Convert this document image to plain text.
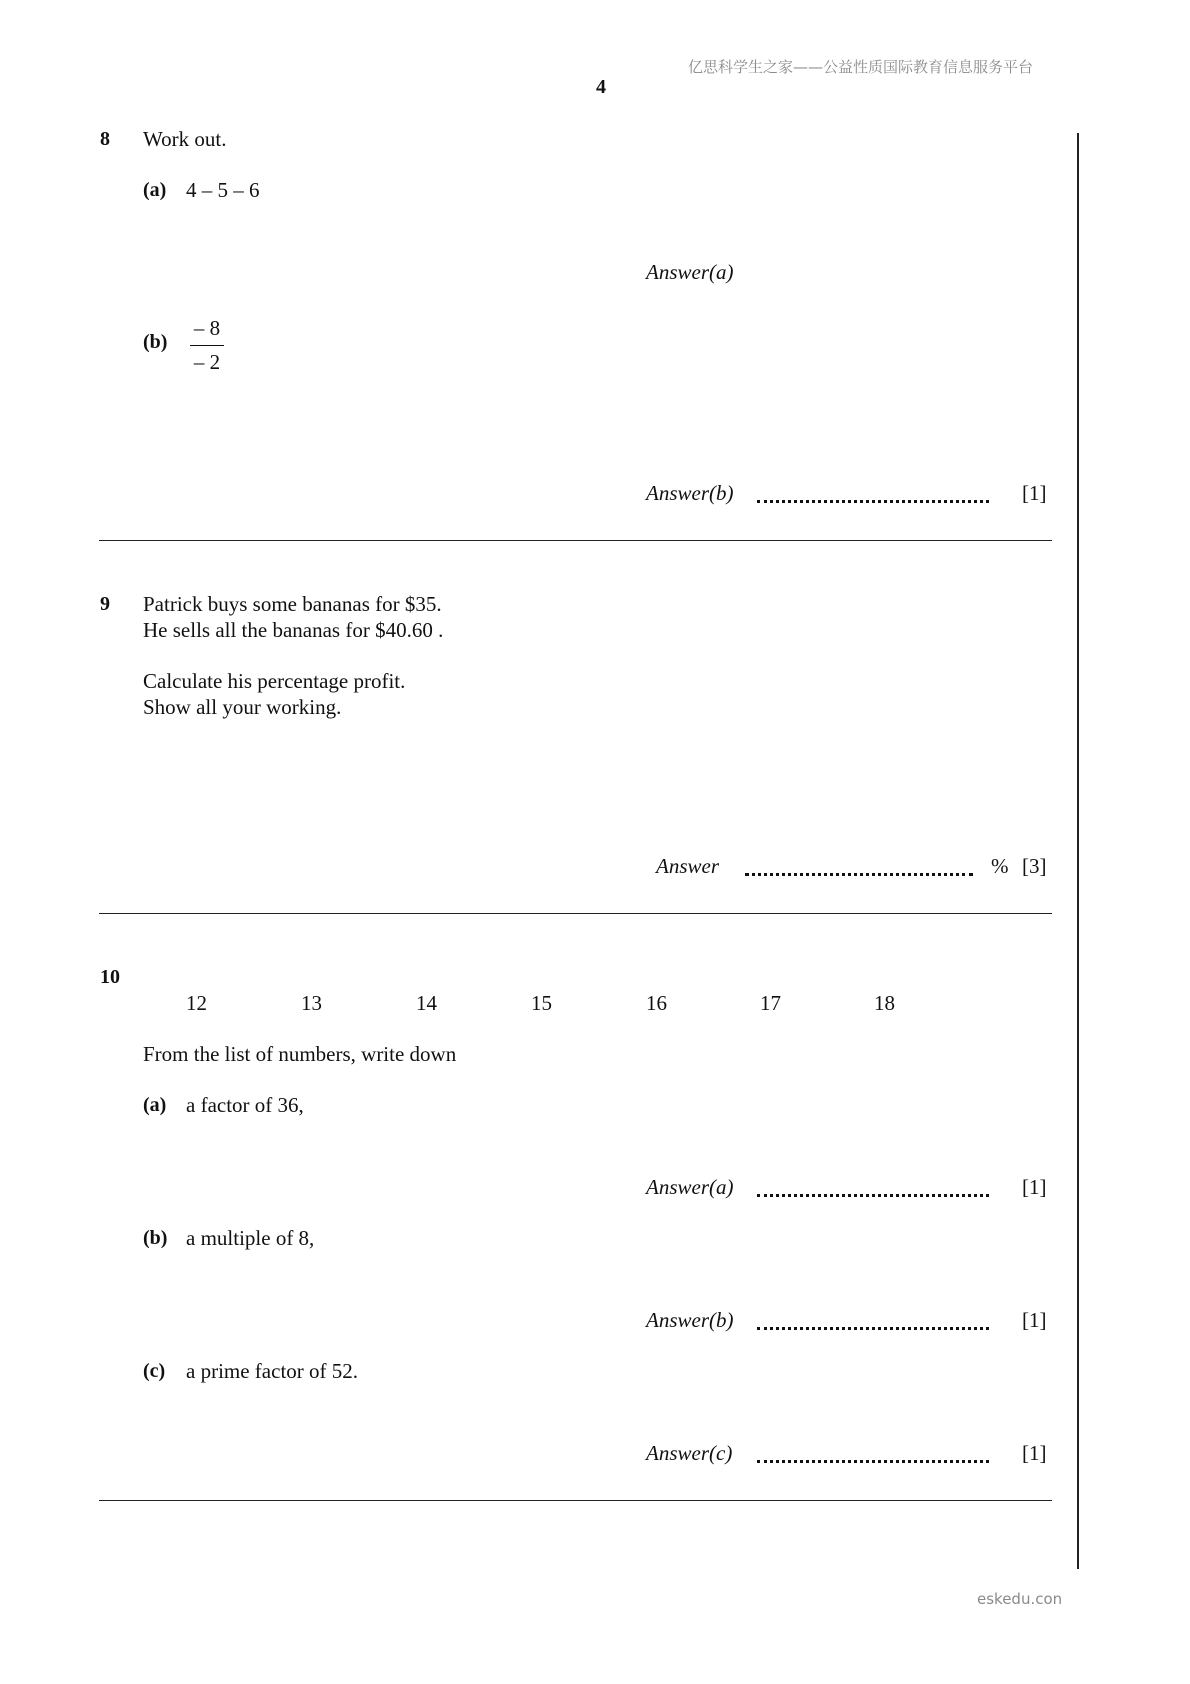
亿思科学生之家——公益性质国际教育信息服务平台
eskedu.con
4
8 Work out.
(a) 4 – 5 – 6
Answer(a)
(b)
– 8
– 2
Answer(b)	[1]
9 Patrick buys some bananas for $35.
He sells all the bananas for $40.60 .
Calculate his percentage profit.
Show all your working.
Answer	% [3]
10
12	13	14	15	16	17	18
From the list of numbers, write down
(a) a factor of 36,
Answer(a)	[1]
(b) a multiple of 8,
Answer(b)	[1]
(c) a prime factor of 52.
Answer(c)	[1]
